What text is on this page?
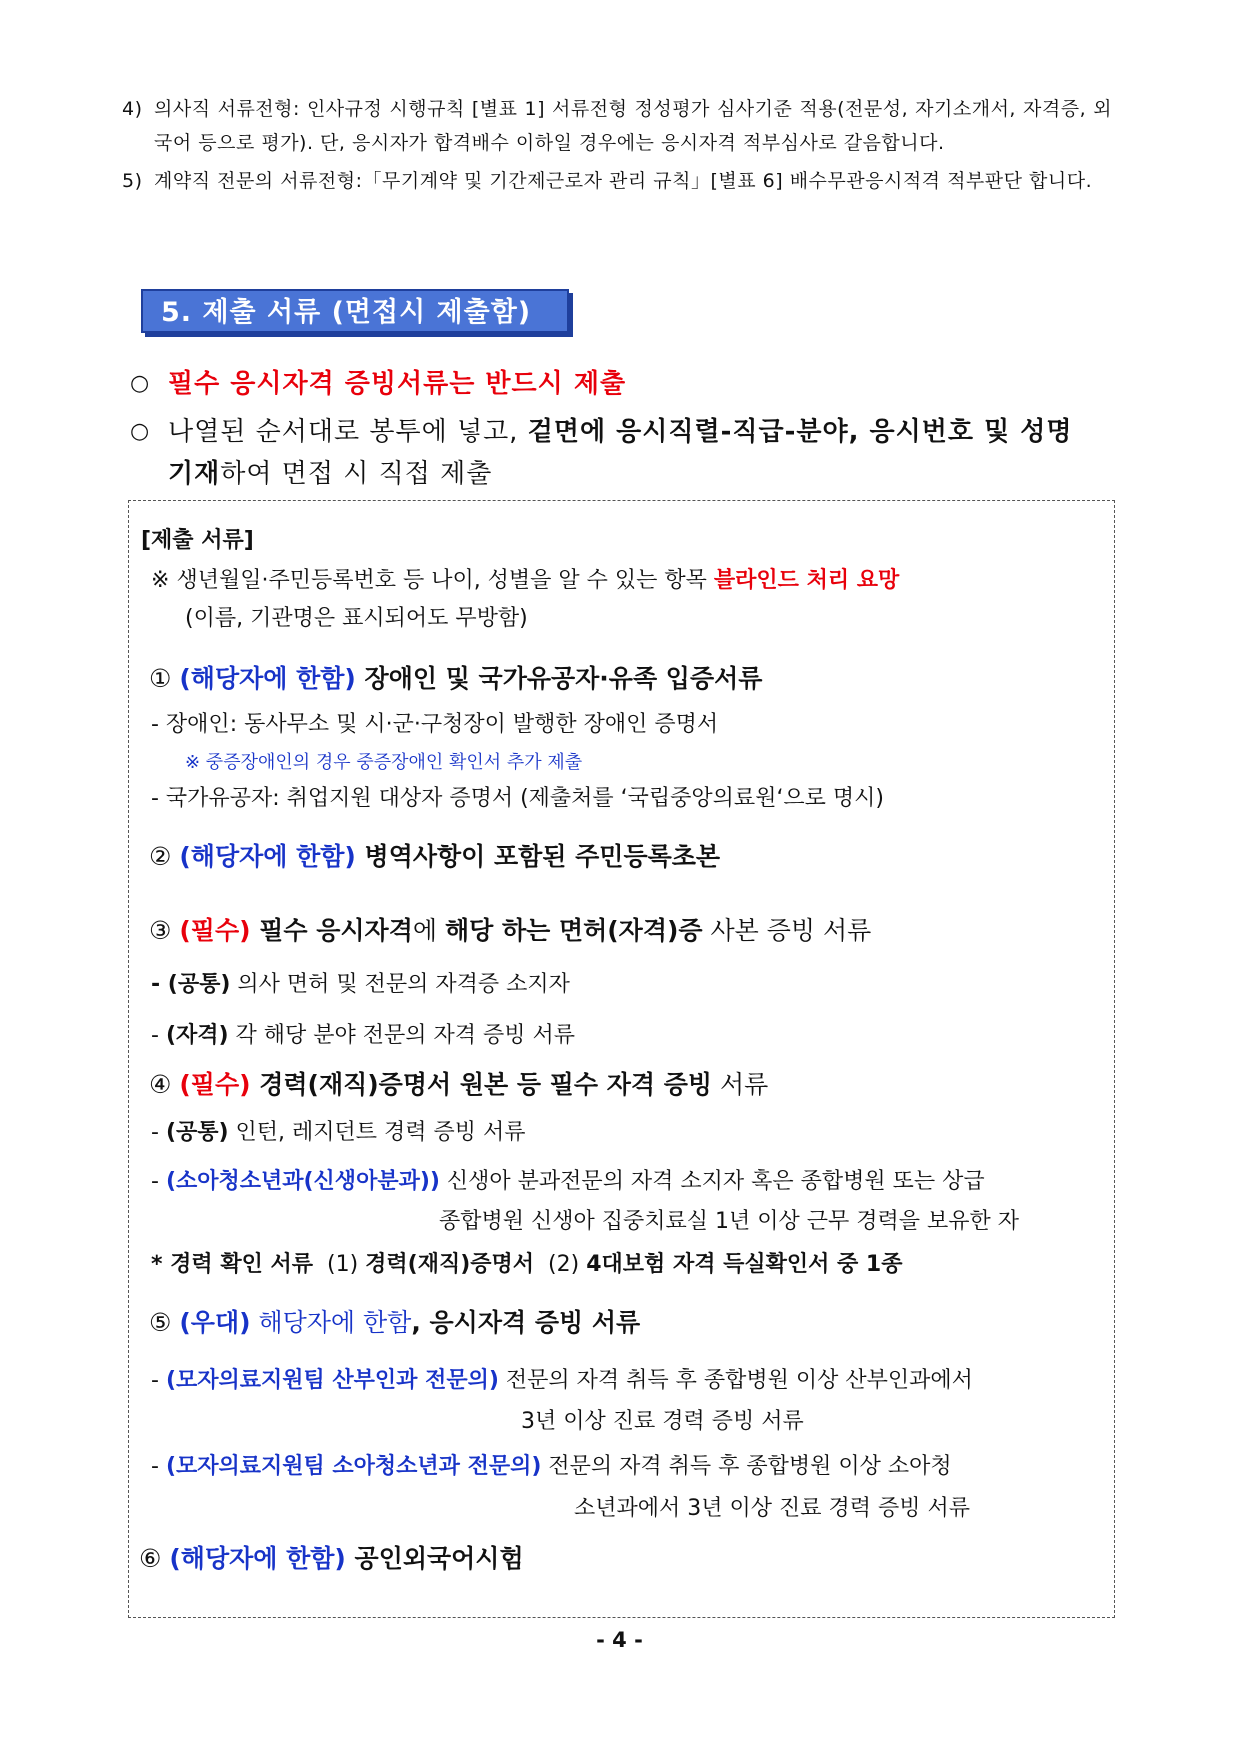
4) 의사직 서류전형: 인사규정 시행규칙 [별표 1] 서류전형 정성평가 심사기준 적용(전문성, 자기소개서, 자격증, 외국어 등으로 평가). 단, 응시자가 합격배수 이하일 경우에는 응시자격 적부심사로 갈음합니다.
5) 계약직 전문의 서류전형:「무기계약 및 기간제근로자 관리 규칙」[별표 6] 배수무관응시적격 적부판단 합니다.
5. 제출 서류 (면접시 제출함)
○ 필수 응시자격 증빙서류는 반드시 제출
○ 나열된 순서대로 봉투에 넣고, 겉면에 응시직렬-직급-분야, 응시번호 및 성명
기재하여 면접 시 직접 제출
[제출 서류]
※ 생년월일·주민등록번호 등 나이, 성별을 알 수 있는 항목 블라인드 처리 요망
(이름, 기관명은 표시되어도 무방함)
① (해당자에 한함) 장애인 및 국가유공자·유족 입증서류
- 장애인: 동사무소 및 시·군·구청장이 발행한 장애인 증명서
※ 중증장애인의 경우 중증장애인 확인서 추가 제출
- 국가유공자: 취업지원 대상자 증명서 (제출처를 ‘국립중앙의료원‘으로 명시)
② (해당자에 한함) 병역사항이 포함된 주민등록초본
③ (필수) 필수 응시자격에 해당 하는 면허(자격)증 사본 증빙 서류
- (공통) 의사 면허 및 전문의 자격증 소지자
- (자격) 각 해당 분야 전문의 자격 증빙 서류
④ (필수) 경력(재직)증명서 원본 등 필수 자격 증빙 서류
- (공통) 인턴, 레지던트 경력 증빙 서류
- (소아청소년과(신생아분과)) 신생아 분과전문의 자격 소지자 혹은 종합병원 또는 상급
종합병원 신생아 집중치료실 1년 이상 근무 경력을 보유한 자
* 경력 확인 서류 (1) 경력(재직)증명서 (2) 4대보험 자격 득실확인서 중 1종
⑤ (우대) 해당자에 한함, 응시자격 증빙 서류
- (모자의료지원팀 산부인과 전문의) 전문의 자격 취득 후 종합병원 이상 산부인과에서
3년 이상 진료 경력 증빙 서류
- (모자의료지원팀 소아청소년과 전문의) 전문의 자격 취득 후 종합병원 이상 소아청
소년과에서 3년 이상 진료 경력 증빙 서류
⑥ (해당자에 한함) 공인외국어시험
- 4 -
